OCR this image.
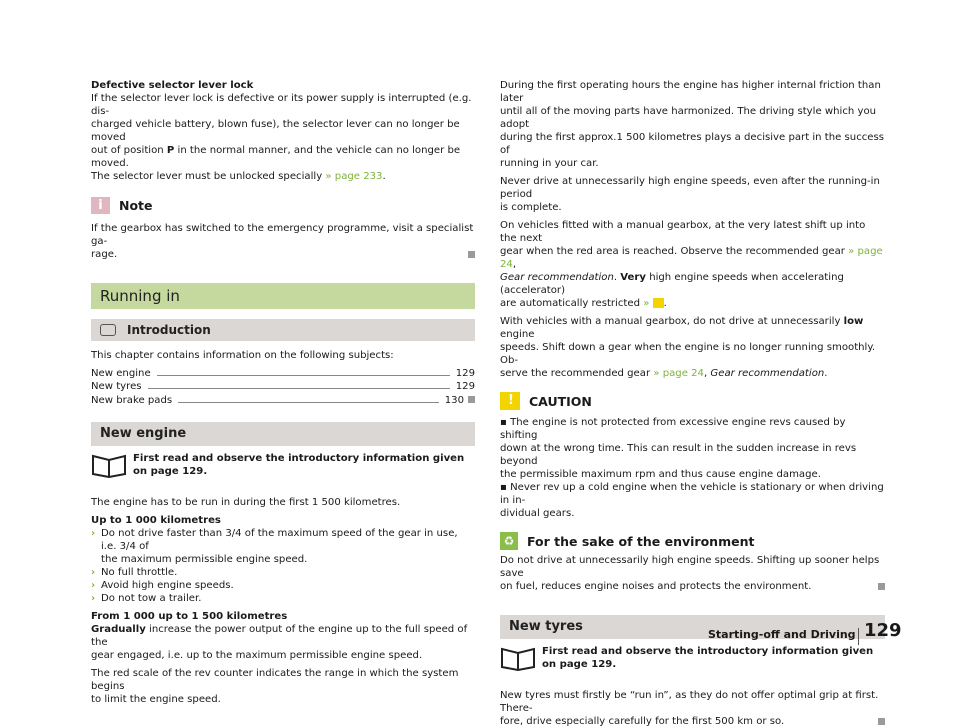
Defective selector lever lock
If the selector lever lock is defective or its power supply is interrupted (e.g. dis-
charged vehicle battery, blown fuse), the selector lever can no longer be moved
out of position P in the normal manner, and the vehicle can no longer be moved.
The selector lever must be unlocked specially » page 233.
i	Note
If the gearbox has switched to the emergency programme, visit a specialist ga-
rage.
Running in
Introduction

This chapter contains information on the following subjects:

New engine	129
New tyres	129
New brake pads	130
New engine
First read and observe the introductory information given on page 129.

The engine has to be run in during the first 1 500 kilometres.

Up to 1 000 kilometres
› Do not drive faster than 3/4 of the maximum speed of the gear in use, i.e. 3/4 of
the maximum permissible engine speed.
› No full throttle.
› Avoid high engine speeds.
› Do not tow a trailer.
From 1 000 up to 1 500 kilometres
Gradually increase the power output of the engine up to the full speed of the

gear engaged, i.e. up to the maximum permissible engine speed.

The red scale of the rev counter indicates the range in which the system begins
to limit the engine speed.
During the first operating hours the engine has higher internal friction than later
until all of the moving parts have harmonized. The driving style which you adopt
during the first approx.1 500 kilometres plays a decisive part in the success of

running in your car.

Never drive at unnecessarily high engine speeds, even after the running-in period

is complete.

On vehicles fitted with a manual gearbox, at the very latest shift up into the next
gear when the red area is reached. Observe the recommended gear » page 24,
Gear recommendation. Very high engine speeds when accelerating (accelerator)

are automatically restricted » .

With vehicles with a manual gearbox, do not drive at unnecessarily low engine
speeds. Shift down a gear when the engine is no longer running smoothly. Ob-
serve the recommended gear » page 24, Gear recommendation.
! CAUTION
▪ The engine is not protected from excessive engine revs caused by shifting
down at the wrong time. This can result in the sudden increase in revs beyond
the permissible maximum rpm and thus cause engine damage.
▪ Never rev up a cold engine when the vehicle is stationary or when driving in in-
dividual gears.
♻ For the sake of the environment
Do not drive at unnecessarily high engine speeds. Shifting up sooner helps save
on fuel, reduces engine noises and protects the environment.
New tyres
First read and observe the introductory information given on page 129.
New tyres must firstly be “run in”, as they do not offer optimal grip at first. There-
fore, drive especially carefully for the first 500 km or so.
Starting-off and Driving 129
